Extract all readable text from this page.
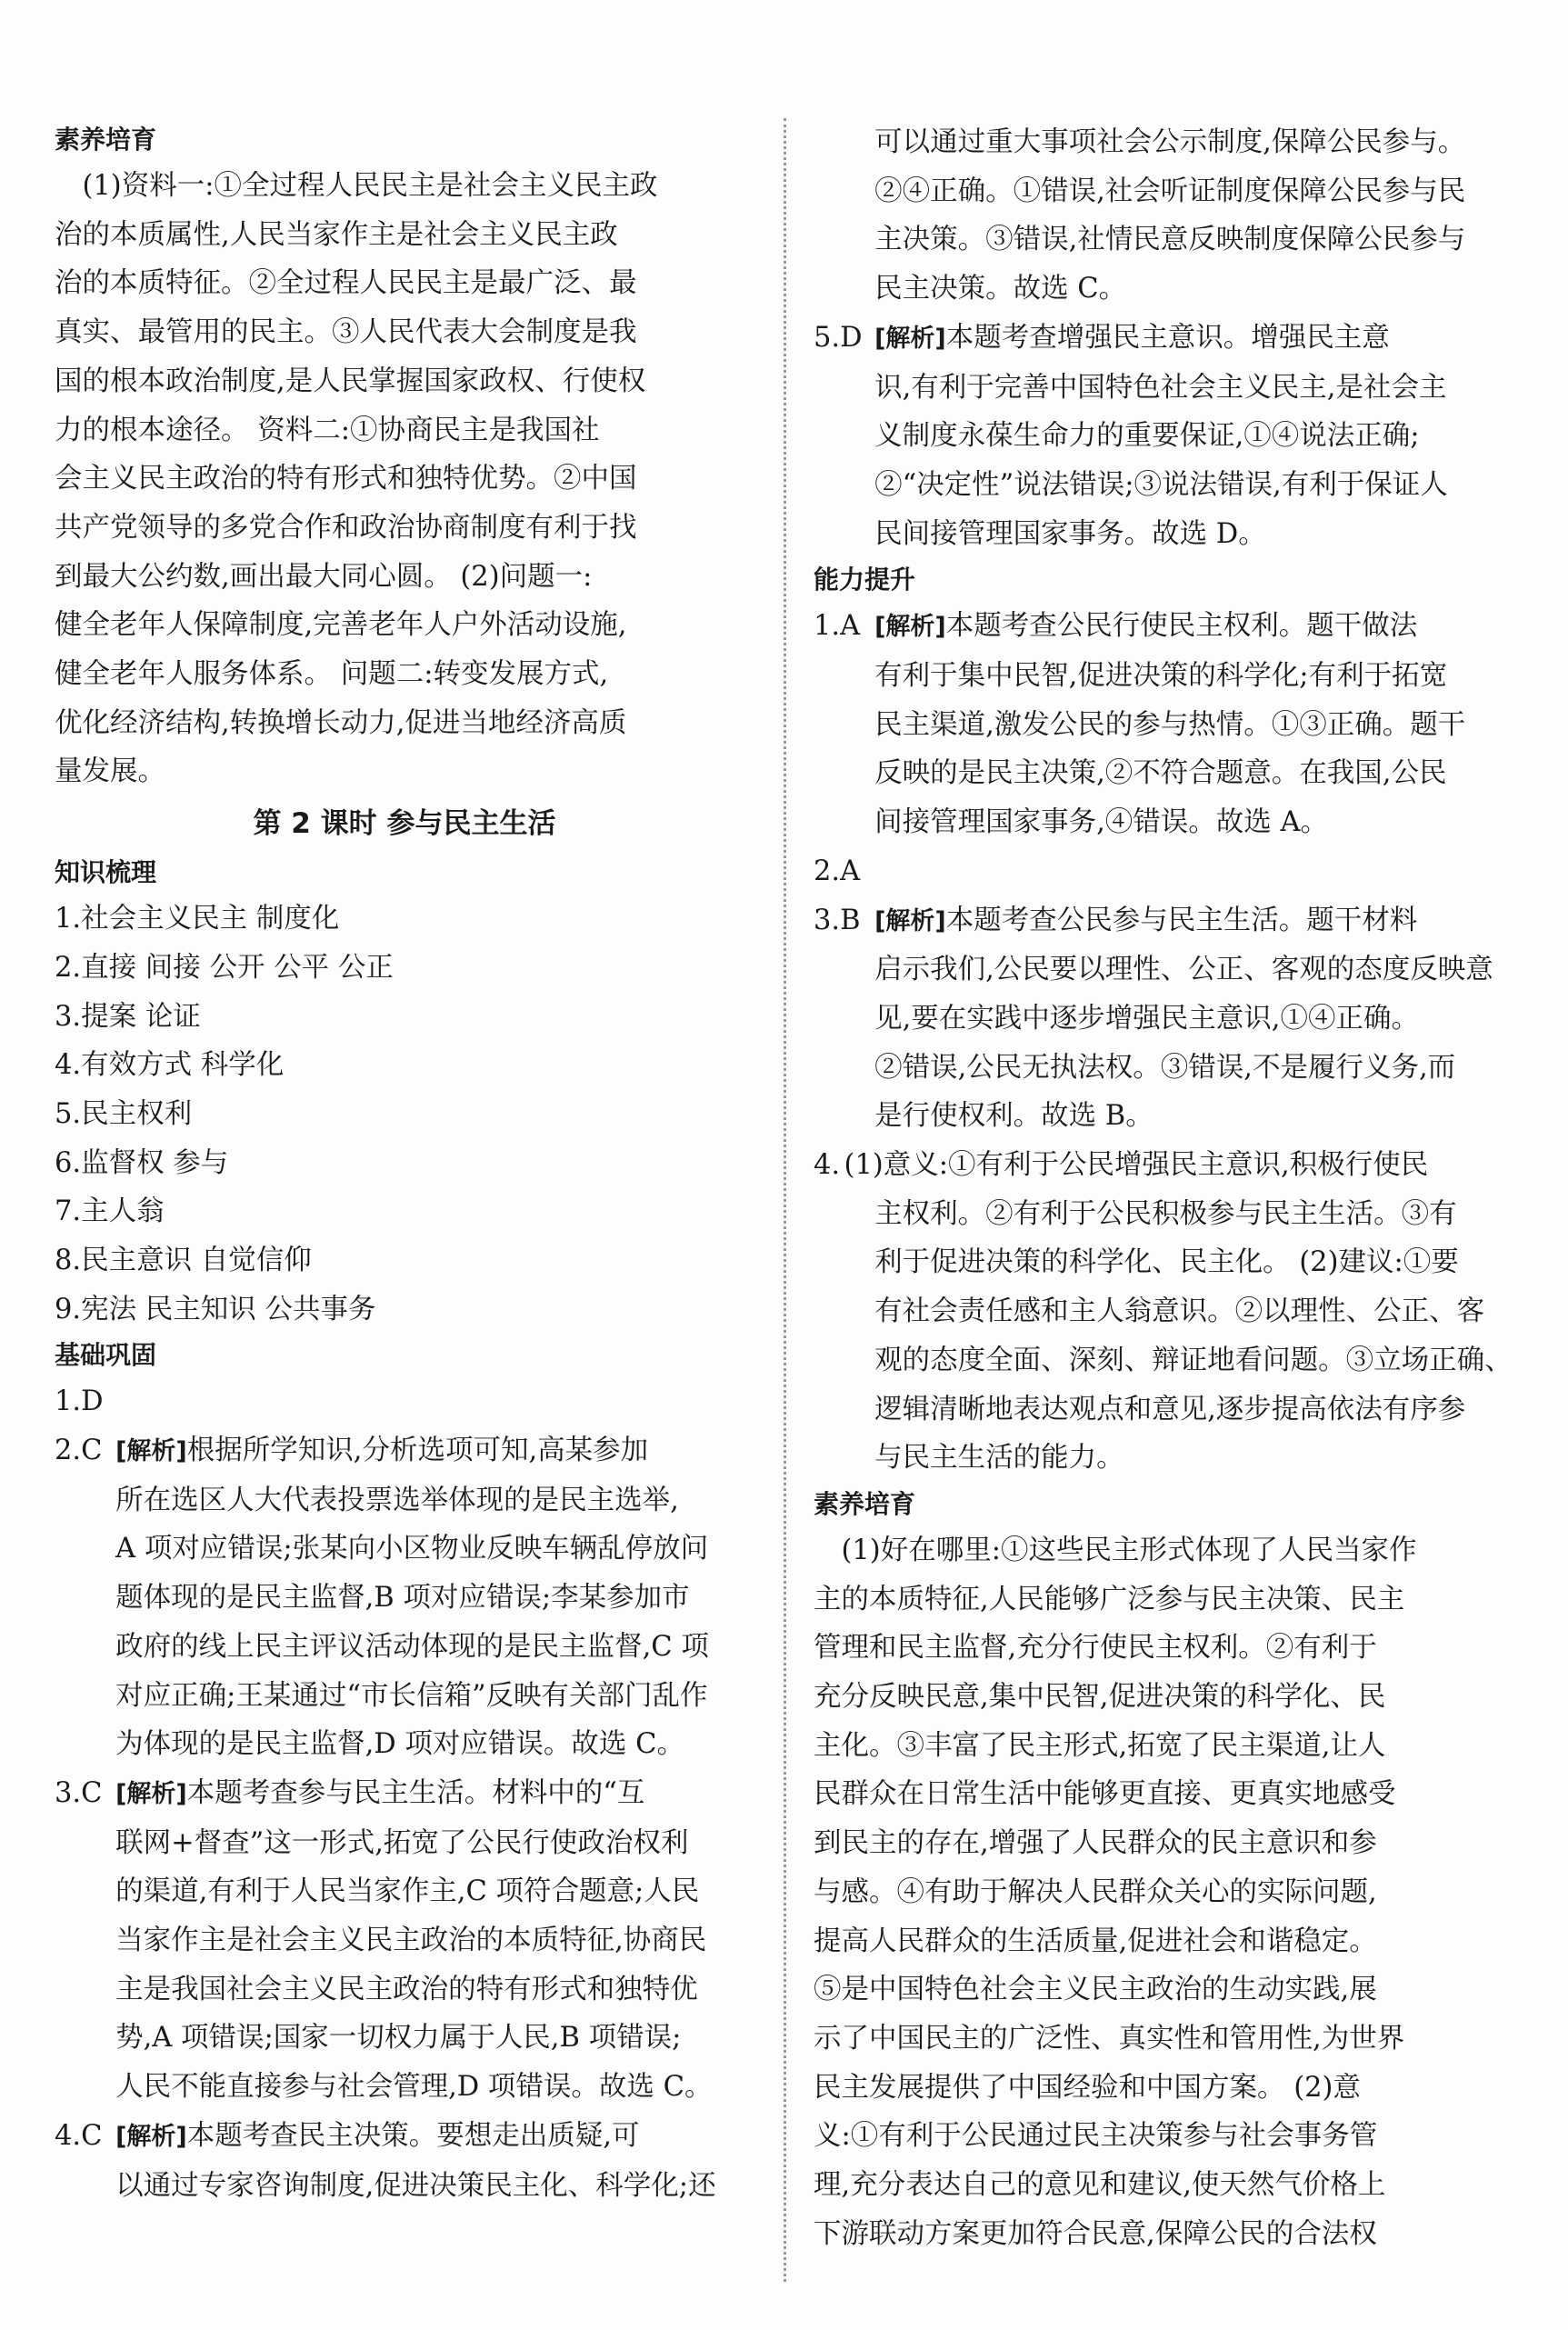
素养培育
(1)资料一:①全过程人民民主是社会主义民主政
治的本质属性,人民当家作主是社会主义民主政
治的本质特征。②全过程人民民主是最广泛、最
真实、最管用的民主。③人民代表大会制度是我
国的根本政治制度,是人民掌握国家政权、行使权
力的根本途径。 资料二:①协商民主是我国社
会主义民主政治的特有形式和独特优势。②中国
共产党领导的多党合作和政治协商制度有利于找
到最大公约数,画出最大同心圆。 (2)问题一:
健全老年人保障制度,完善老年人户外活动设施,
健全老年人服务体系。 问题二:转变发展方式,
优化经济结构,转换增长动力,促进当地经济高质
量发展。
第 2 课时 参与民主生活
知识梳理
1.社会主义民主 制度化
2.直接 间接 公开 公平 公正
3.提案 论证
4.有效方式 科学化
5.民主权利
6.监督权 参与
7.主人翁
8.民主意识 自觉信仰
9.宪法 民主知识 公共事务
基础巩固
1.D
2.C [解析]根据所学知识,分析选项可知,高某参加
所在选区人大代表投票选举体现的是民主选举,
A 项对应错误;张某向小区物业反映车辆乱停放问
题体现的是民主监督,B 项对应错误;李某参加市
政府的线上民主评议活动体现的是民主监督,C 项
对应正确;王某通过“市长信箱”反映有关部门乱作
为体现的是民主监督,D 项对应错误。故选 C。
3.C [解析]本题考查参与民主生活。材料中的“互
联网+督查”这一形式,拓宽了公民行使政治权利
的渠道,有利于人民当家作主,C 项符合题意;人民
当家作主是社会主义民主政治的本质特征,协商民
主是我国社会主义民主政治的特有形式和独特优
势,A 项错误;国家一切权力属于人民,B 项错误;
人民不能直接参与社会管理,D 项错误。故选 C。
4.C [解析]本题考查民主决策。要想走出质疑,可
以通过专家咨询制度,促进决策民主化、科学化;还
可以通过重大事项社会公示制度,保障公民参与。
②④正确。①错误,社会听证制度保障公民参与民
主决策。③错误,社情民意反映制度保障公民参与
民主决策。故选 C。
5.D [解析]本题考查增强民主意识。增强民主意
识,有利于完善中国特色社会主义民主,是社会主
义制度永葆生命力的重要保证,①④说法正确;
②“决定性”说法错误;③说法错误,有利于保证人
民间接管理国家事务。故选 D。
能力提升
1.A [解析]本题考查公民行使民主权利。题干做法
有利于集中民智,促进决策的科学化;有利于拓宽
民主渠道,激发公民的参与热情。①③正确。题干
反映的是民主决策,②不符合题意。在我国,公民
间接管理国家事务,④错误。故选 A。
2.A
3.B [解析]本题考查公民参与民主生活。题干材料
启示我们,公民要以理性、公正、客观的态度反映意
见,要在实践中逐步增强民主意识,①④正确。
②错误,公民无执法权。③错误,不是履行义务,而
是行使权利。故选 B。
4. (1)意义:①有利于公民增强民主意识,积极行使民
主权利。②有利于公民积极参与民主生活。③有
利于促进决策的科学化、民主化。 (2)建议:①要
有社会责任感和主人翁意识。②以理性、公正、客
观的态度全面、深刻、辩证地看问题。③立场正确、
逻辑清晰地表达观点和意见,逐步提高依法有序参
与民主生活的能力。
素养培育
(1)好在哪里:①这些民主形式体现了人民当家作
主的本质特征,人民能够广泛参与民主决策、民主
管理和民主监督,充分行使民主权利。②有利于
充分反映民意,集中民智,促进决策的科学化、民
主化。③丰富了民主形式,拓宽了民主渠道,让人
民群众在日常生活中能够更直接、更真实地感受
到民主的存在,增强了人民群众的民主意识和参
与感。④有助于解决人民群众关心的实际问题,
提高人民群众的生活质量,促进社会和谐稳定。
⑤是中国特色社会主义民主政治的生动实践,展
示了中国民主的广泛性、真实性和管用性,为世界
民主发展提供了中国经验和中国方案。 (2)意
义:①有利于公民通过民主决策参与社会事务管
理,充分表达自己的意见和建议,使天然气价格上
下游联动方案更加符合民意,保障公民的合法权
